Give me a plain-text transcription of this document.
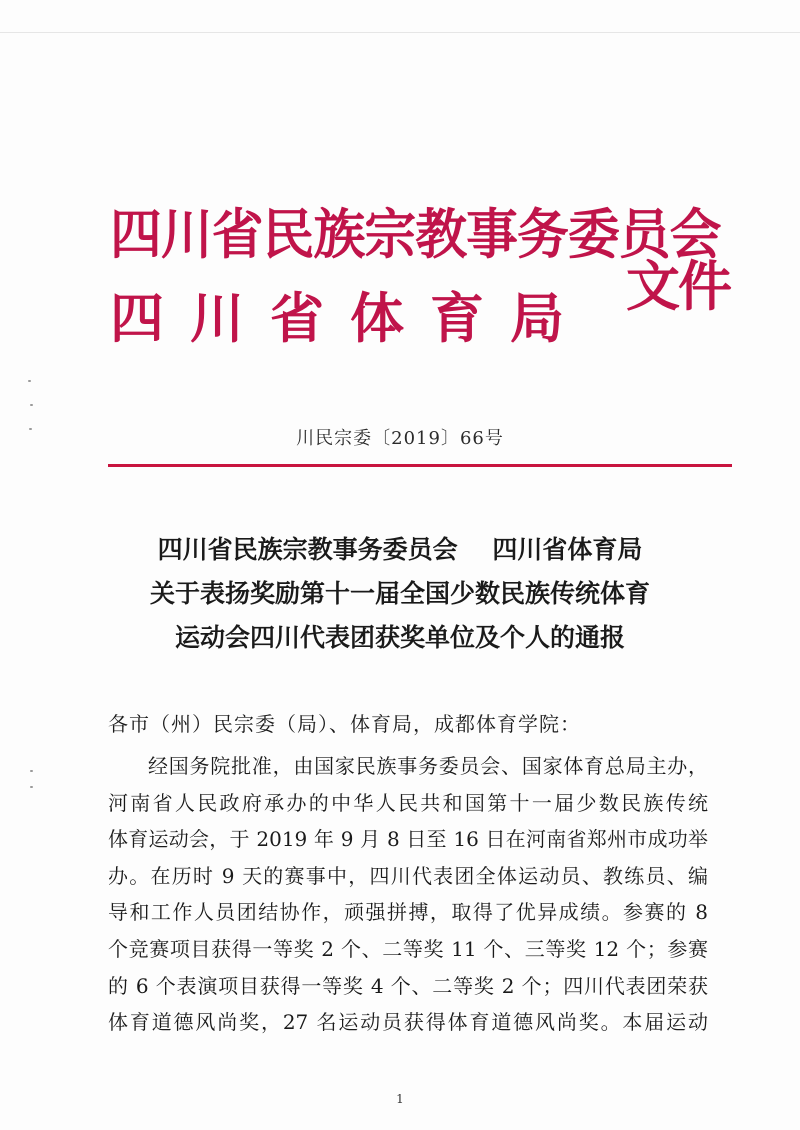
四川省民族宗教事务委员会
四川省体育局
文件
川民宗委〔2019〕66号
四川省民族宗教事务委员会    四川省体育局
关于表扬奖励第十一届全国少数民族传统体育
运动会四川代表团获奖单位及个人的通报
各市（州）民宗委（局）、体育局，成都体育学院：
经国务院批准，由国家民族事务委员会、国家体育总局主办，
河南省人民政府承办的中华人民共和国第十一届少数民族传统
体育运动会，于 2019 年 9 月 8 日至 16 日在河南省郑州市成功举
办。在历时 9 天的赛事中，四川代表团全体运动员、教练员、编
导和工作人员团结协作，顽强拼搏，取得了优异成绩。参赛的 8
个竞赛项目获得一等奖 2 个、二等奖 11 个、三等奖 12 个；参赛
的 6 个表演项目获得一等奖 4 个、二等奖 2 个；四川代表团荣获
体育道德风尚奖，27 名运动员获得体育道德风尚奖。本届运动
1
